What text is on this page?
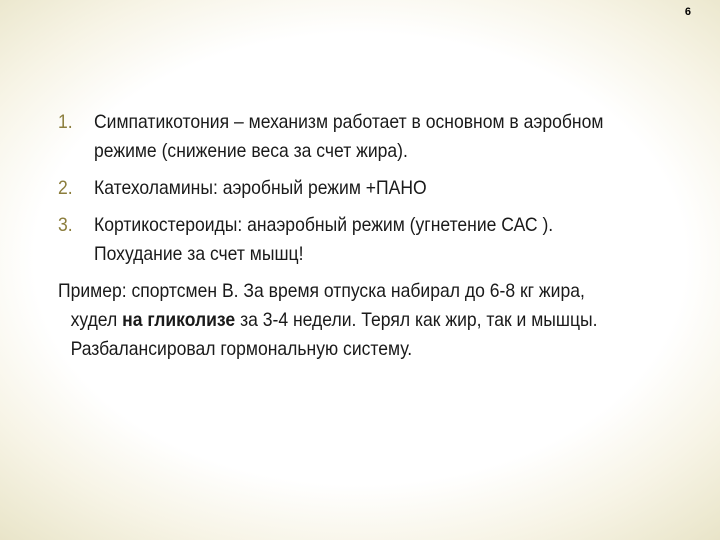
6
1. Симпатикотония – механизм работает в основном в аэробном режиме (снижение веса за счет жира).
2. Катехоламины: аэробный режим +ПАНО
3. Кортикостероиды: анаэробный режим (угнетение САС ). Похудание за счет мышц!
Пример: спортсмен В. За время отпуска набирал до 6-8 кг жира, худел на гликолизе за 3-4 недели. Терял как жир, так и мышцы. Разбалансировал гормональную систему.
